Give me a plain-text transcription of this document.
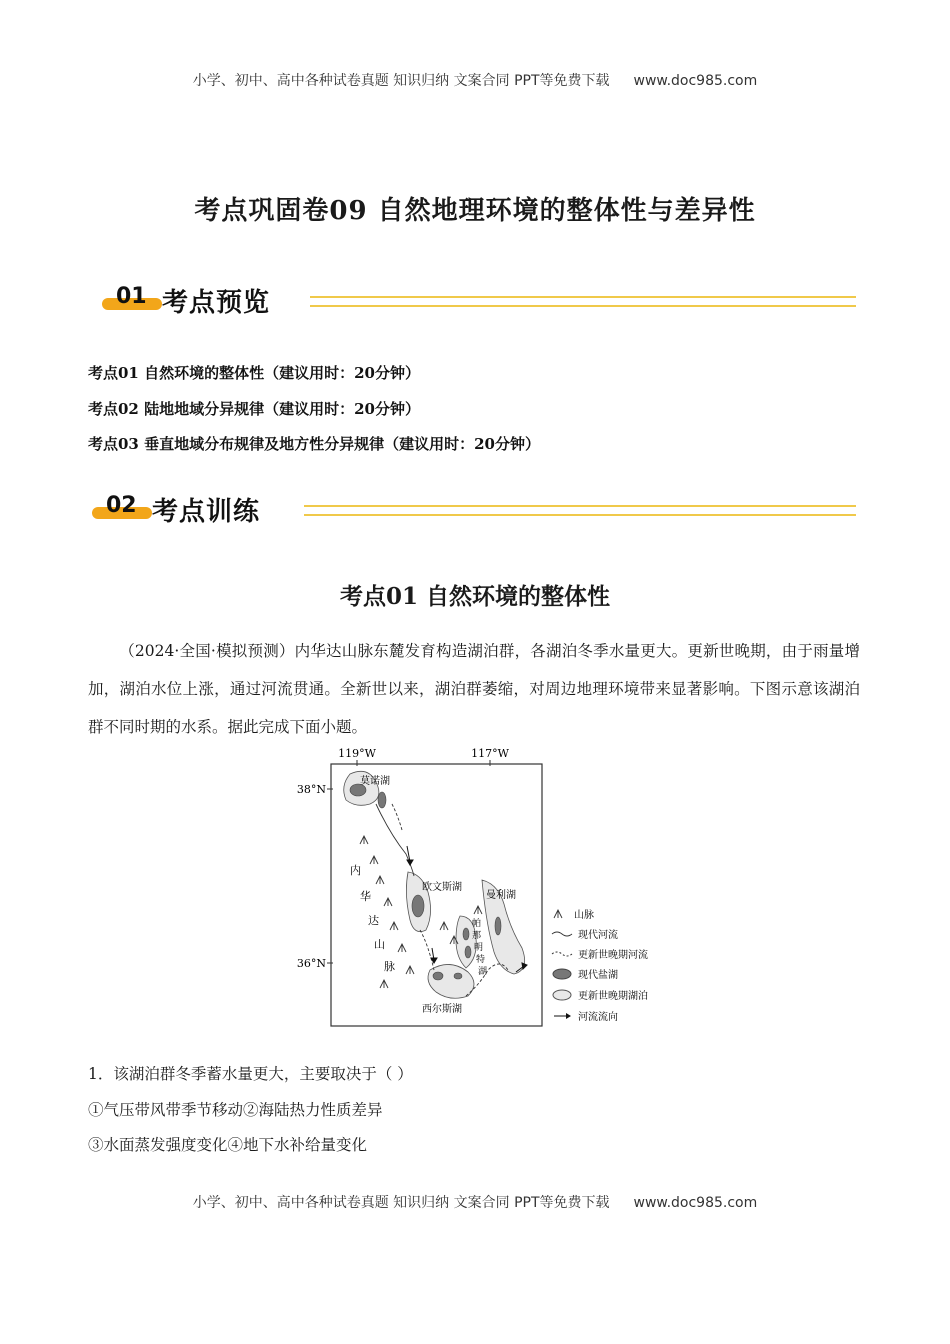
小学、初中、高中各种试卷真题 知识归纳 文案合同 PPT等免费下载 www.doc985.com
考点巩固卷09 自然地理环境的整体性与差异性
01 考点预览
考点01 自然环境的整体性（建议用时：20分钟）
考点02 陆地地域分异规律（建议用时：20分钟）
考点03 垂直地域分布规律及地方性分异规律（建议用时：20分钟）
02 考点训练
考点01 自然环境的整体性
（2024·全国·模拟预测）内华达山脉东麓发育构造湖泊群，各湖泊冬季水量更大。更新世晚期，由于雨量增加，湖泊水位上涨，通过河流贯通。全新世以来，湖泊群萎缩，对周边地理环境带来显著影响。下图示意该湖泊群不同时期的水系。据此完成下面小题。
119°W	117°W
38°N
36°N
莫诺湖
欧文斯湖
曼利湖
西尔斯湖
内
华
达
山
脉
帕
那
明
特
湖
山脉
现代河流
更新世晚期河流
现代盐湖
更新世晚期湖泊
河流流向
1．该湖泊群冬季蓄水量更大，主要取决于（ ）
①气压带风带季节移动②海陆热力性质差异
③水面蒸发强度变化④地下水补给量变化
小学、初中、高中各种试卷真题 知识归纳 文案合同 PPT等免费下载 www.doc985.com
